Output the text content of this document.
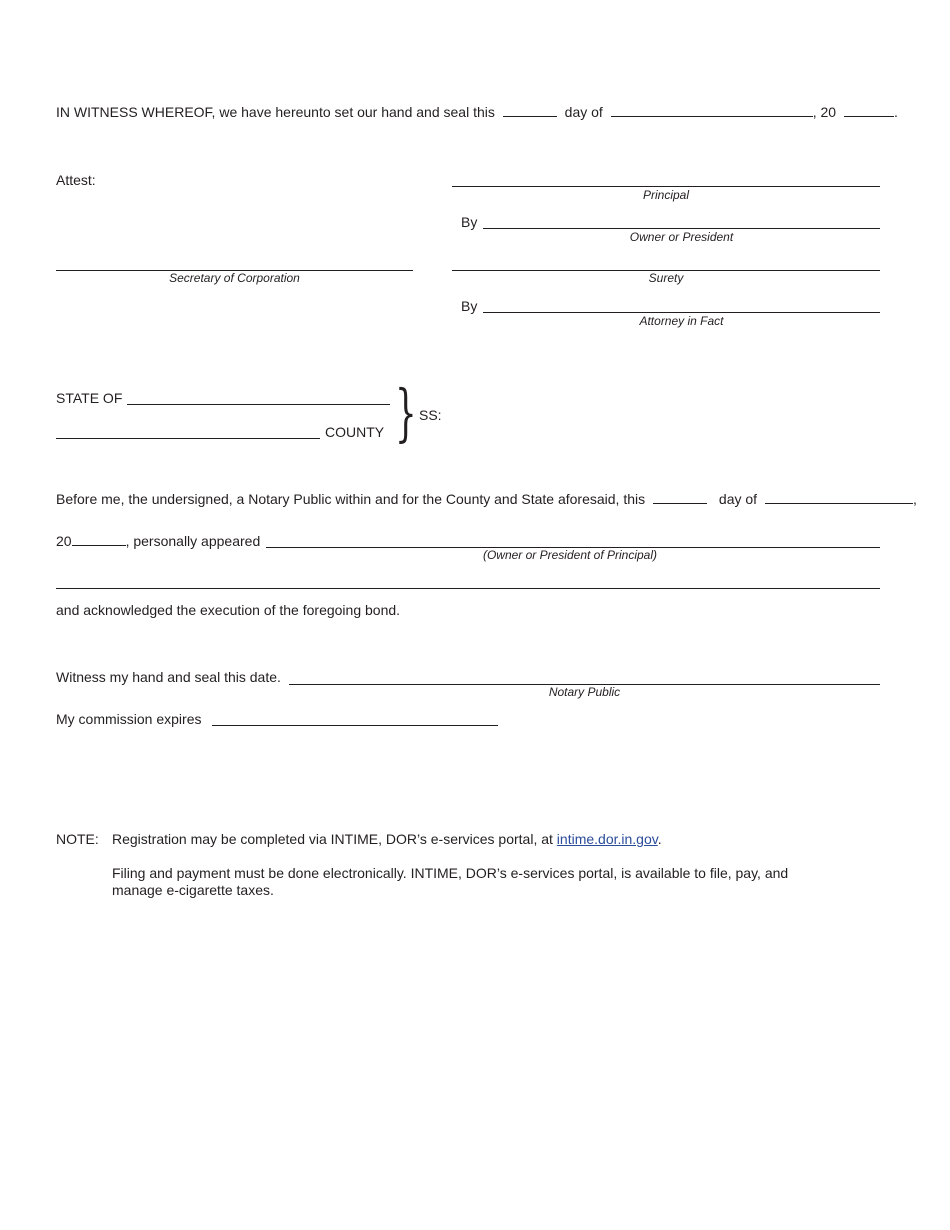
IN WITNESS WHEREOF, we have hereunto set our hand and seal this	day of	, 20	.
Attest:
Principal
By
Owner or President
Secretary of Corporation	Surety
By
Attorney in Fact
STATE OF
COUNTY } SS:
Before me, the undersigned, a Notary Public within and for the County and State aforesaid, this	day of	,
20	, personally appeared
(Owner or President of Principal)
and acknowledged the execution of the foregoing bond.
Witness my hand and seal this date.
Notary Public
My commission expires
NOTE: Registration may be completed via INTIME, DOR’s e-services portal, at intime.dor.in.gov.
Filing and payment must be done electronically. INTIME, DOR’s e-services portal, is available to file, pay, and
manage e-cigarette taxes.
